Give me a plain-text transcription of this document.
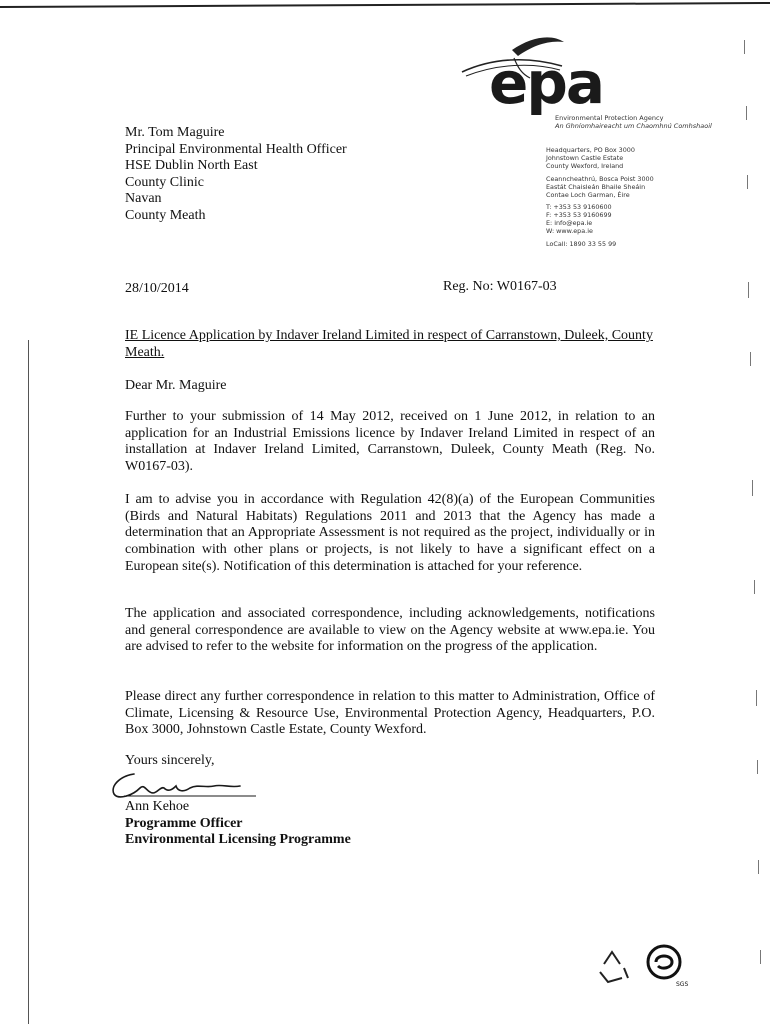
epa
Environmental Protection Agency
An Ghníomhaireacht um Chaomhnú Comhshaoil
Mr. Tom Maguire
Principal Environmental Health Officer
HSE Dublin North East
County Clinic
Navan
County Meath
Headquarters, PO Box 3000
Johnstown Castle Estate
County Wexford, Ireland
Ceanncheathrú, Bosca Poist 3000
Eastát Chaisleán Bhaile Sheáin
Contae Loch Garman, Éire
T: +353 53 9160600
F: +353 53 9160699
E: info@epa.ie
W: www.epa.ie
LoCall: 1890 33 55 99
28/10/2014	Reg. No: W0167-03
IE Licence Application by Indaver Ireland Limited in respect of Carranstown, Duleek, County Meath.
Dear Mr. Maguire
Further to your submission of 14 May 2012, received on 1 June 2012, in relation to an application for an Industrial Emissions licence by Indaver Ireland Limited in respect of an installation at Indaver Ireland Limited, Carranstown, Duleek, County Meath (Reg. No. W0167-03).
I am to advise you in accordance with Regulation 42(8)(a) of the European Communities (Birds and Natural Habitats) Regulations 2011 and 2013 that the Agency has made a determination that an Appropriate Assessment is not required as the project, individually or in combination with other plans or projects, is not likely to have a significant effect on a European site(s). Notification of this determination is attached for your reference.
The application and associated correspondence, including acknowledgements, notifications and general correspondence are available to view on the Agency website at www.epa.ie. You are advised to refer to the website for information on the progress of the application.
Please direct any further correspondence in relation to this matter to Administration, Office of Climate, Licensing & Resource Use, Environmental Protection Agency, Headquarters, P.O. Box 3000, Johnstown Castle Estate, County Wexford.
Yours sincerely,
Ann Kehoe
Programme Officer
Environmental Licensing Programme
SGS
